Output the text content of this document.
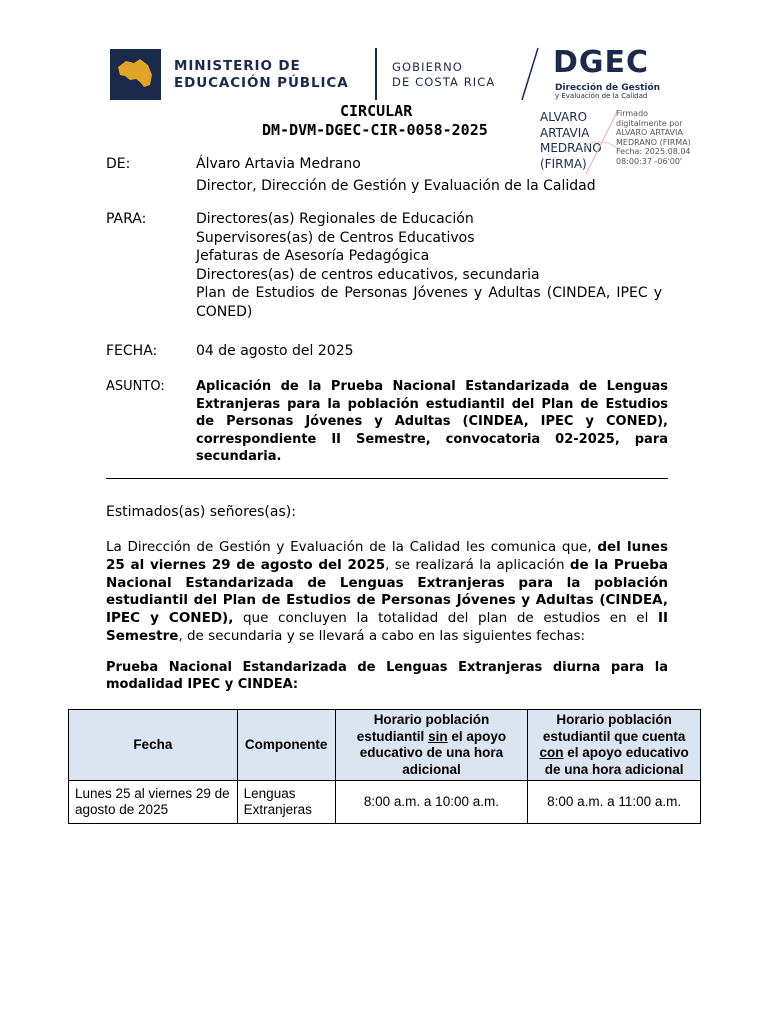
MINISTERIO DE
EDUCACIÓN PÚBLICA
GOBIERNO
DE COSTA RICA
DGEC
Dirección de Gestión
y Evaluación de la Calidad
CIRCULAR
DM-DVM-DGEC-CIR-0058-2025
ALVARO
ARTAVIA
MEDRANO
(FIRMA)
Firmado
digitalmente por
ALVARO ARTAVIA
MEDRANO (FIRMA)
Fecha: 2025.08.04
08:00:37 -06'00'
DE:	Álvaro Artavia Medrano
Director, Dirección de Gestión y Evaluación de la Calidad
PARA:	Directores(as) Regionales de Educación
Supervisores(as) de Centros Educativos
Jefaturas de Asesoría Pedagógica
Directores(as) de centros educativos, secundaria
Plan de Estudios de Personas Jóvenes y Adultas (CINDEA, IPEC y CONED)
FECHA:	04 de agosto del 2025
ASUNTO: Aplicación de la Prueba Nacional Estandarizada de Lenguas Extranjeras para la población estudiantil del Plan de Estudios de Personas Jóvenes y Adultas (CINDEA, IPEC y CONED), correspondiente II Semestre, convocatoria 02-2025, para secundaria.
Estimados(as) señores(as):
La Dirección de Gestión y Evaluación de la Calidad les comunica que, del lunes 25 al viernes 29 de agosto del 2025, se realizará la aplicación de la Prueba Nacional Estandarizada de Lenguas Extranjeras para la población estudiantil del Plan de Estudios de Personas Jóvenes y Adultas (CINDEA, IPEC y CONED), que concluyen la totalidad del plan de estudios en el II Semestre, de secundaria y se llevará a cabo en las siguientes fechas:
Prueba Nacional Estandarizada de Lenguas Extranjeras diurna para la modalidad IPEC y CINDEA:
Fecha	Componente	Horario población estudiantil sin el apoyo educativo de una hora adicional	Horario población estudiantil que cuenta con el apoyo educativo de una hora adicional
Lunes 25 al viernes 29 de agosto de 2025	Lenguas Extranjeras	8:00 a.m. a 10:00 a.m.	8:00 a.m. a 11:00 a.m.
